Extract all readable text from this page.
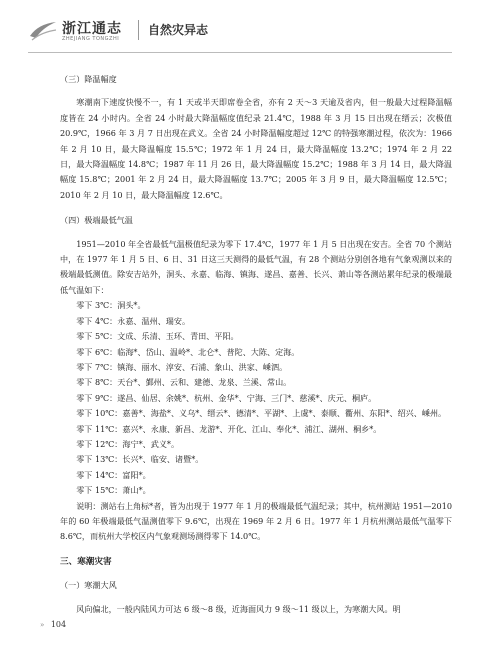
浙江通志
ZHEJIANG TONGZHI
自然灾异志
（三）降温幅度

寒潮南下速度快慢不一，有 1 天或半天即席卷全省，亦有 2 天～3 天逾及省内，但一般最大过程降温幅度皆在 24 小时内。全省 24 小时最大降温幅度值纪录 21.4℃，1988 年 3 月 15 日出现在缙云；次极值 20.9℃，1966 年 3 月 7 日出现在武义。全省 24 小时降温幅度超过 12℃ 的特强寒潮过程，依次为：1966 年 2 月 10 日，最大降温幅度 15.5℃；1972 年 1 月 24 日，最大降温幅度 13.2℃；1974 年 2 月 22 日，最大降温幅度 14.8℃；1987 年 11 月 26 日，最大降温幅度 15.2℃；1988 年 3 月 14 日，最大降温幅度 15.8℃；2001 年 2 月 24 日，最大降温幅度 13.7℃；2005 年 3 月 9 日，最大降温幅度 12.5℃；2010 年 2 月 10 日，最大降温幅度 12.6℃。

（四）极端最低气温

1951—2010 年全省最低气温极值纪录为零下 17.4℃，1977 年 1 月 5 日出现在安吉。全省 70 个测站中，在 1977 年 1 月 5 日、6 日、31 日这三天测得的最低气温，有 28 个测站分别创各地有气象观测以来的极端最低测值。除安吉站外，洞头、永嘉、临海、镇海、遂昌、嘉善、长兴、萧山等各测站累年纪录的极端最低气温如下：

零下 3℃：洞头*。
零下 4℃：永嘉、温州、瑞安。
零下 5℃：文成、乐清、玉环、青田、平阳。
零下 6℃：临海*、岱山、温岭*、北仑*、普陀、大陈、定海。
零下 7℃：镇海、丽水、淳安、石浦、象山、洪家、嵊泗。
零下 8℃：天台*、鄞州、云和、建德、龙泉、兰溪、常山。
零下 9℃：遂昌、仙居、余姚*、杭州、金华*、宁海、三门*、慈溪*、庆元、桐庐。
零下 10℃：嘉善*、海盐*、义乌*、缙云*、德清*、平湖*、上虞*、泰顺、衢州、东阳*、绍兴、嵊州。
零下 11℃：嘉兴*、永康、新昌、龙游*、开化、江山、奉化*、浦江、湖州、桐乡*。
零下 12℃：海宁*、武义*。
零下 13℃：长兴*、临安、诸暨*。
零下 14℃：富阳*。
零下 15℃：萧山*。

说明：测站右上角标*者，皆为出现于 1977 年 1 月的极端最低气温纪录；其中，杭州测站 1951—2010 年的 60 年极端最低气温测值零下 9.6℃，出现在 1969 年 2 月 6 日。1977 年 1 月杭州测站最低气温零下 8.6℃，而杭州大学校区内气象观测场测得零下 14.0℃。

三、寒潮灾害
（一）寒潮大风

风向偏北，一般内陆风力可达 6 级～8 级，近海面风力 9 级～11 级以上，为寒潮大风。明

» 104
